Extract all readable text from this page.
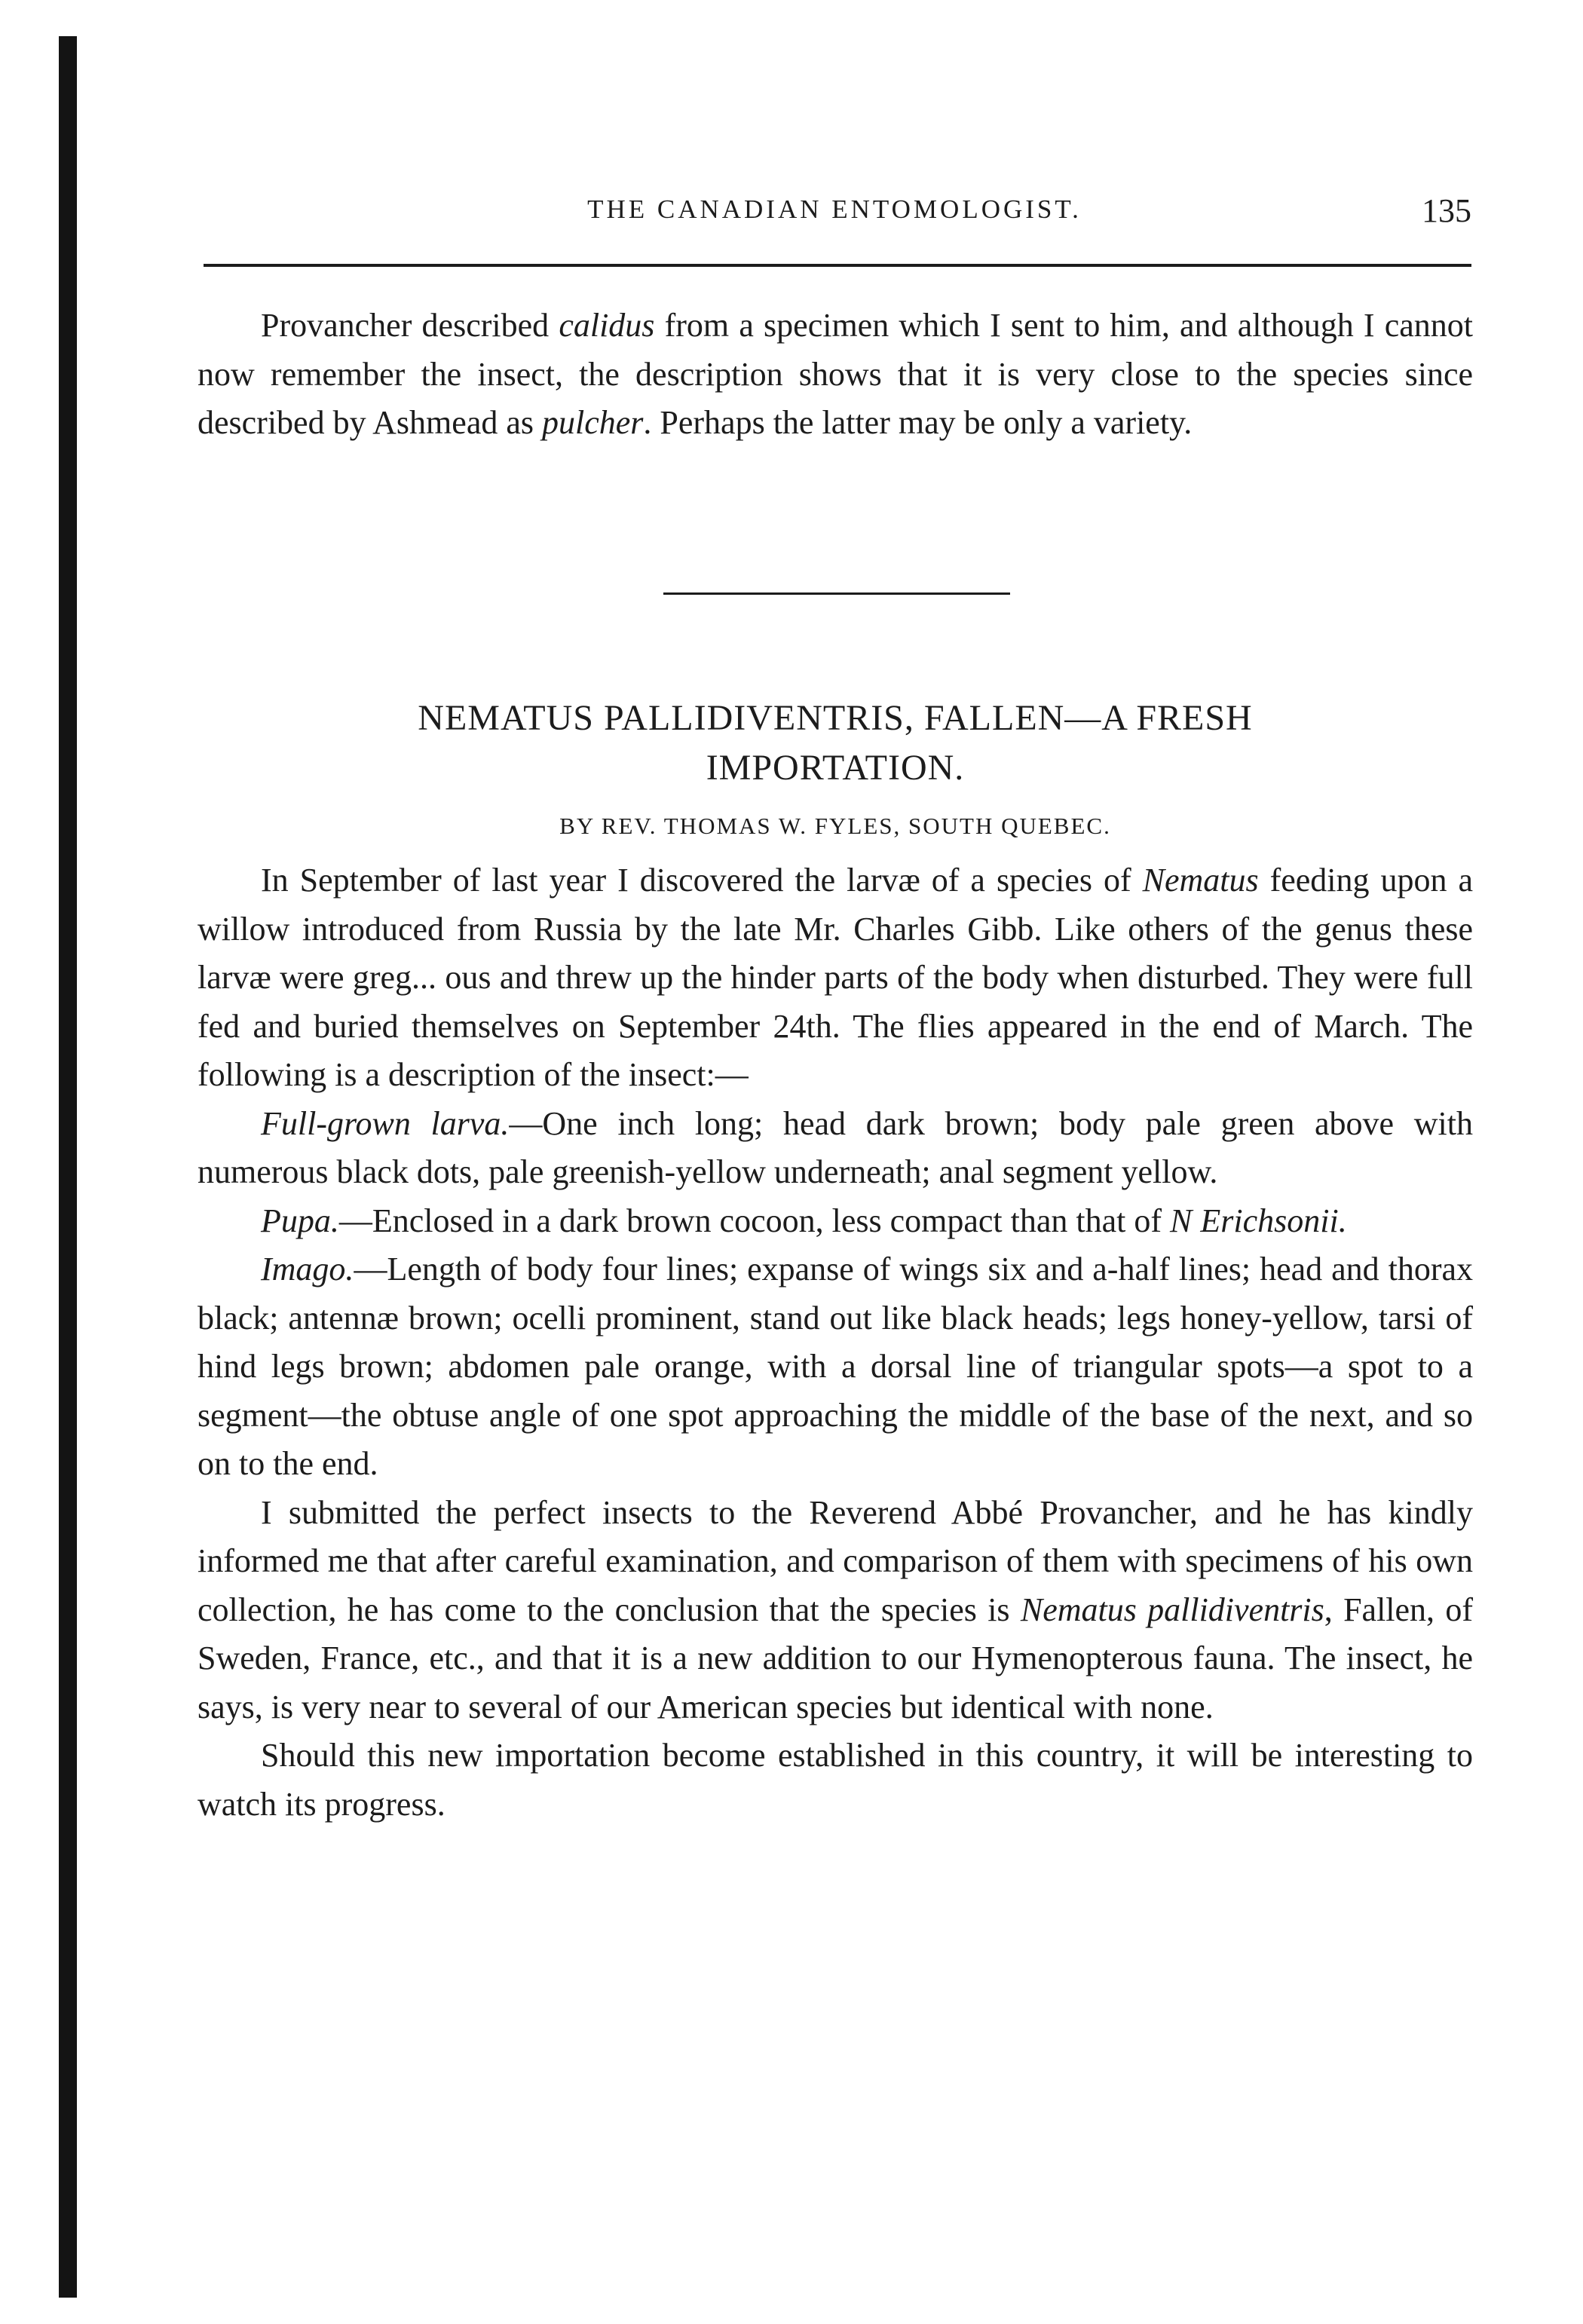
THE CANADIAN ENTOMOLOGIST.	135

Provancher described calidus from a specimen which I sent to him, and although I cannot now remember the insect, the description shows that it is very close to the species since described by Ashmead as pulcher. Perhaps the latter may be only a variety.

NEMATUS PALLIDIVENTRIS, FALLEN—A FRESH
IMPORTATION.
BY REV. THOMAS W. FYLES, SOUTH QUEBEC.

In September of last year I discovered the larvæ of a species of Nematus feeding upon a willow introduced from Russia by the late Mr. Charles Gibb. Like others of the genus these larvæ were greg... ous and threw up the hinder parts of the body when disturbed. They were full fed and buried themselves on September 24th. The flies appeared in the end of March. The following is a description of the insect:—

Full-grown larva.—One inch long; head dark brown; body pale green above with numerous black dots, pale greenish-yellow underneath; anal segment yellow.

Pupa.—Enclosed in a dark brown cocoon, less compact than that of N Erichsonii.

Imago.—Length of body four lines; expanse of wings six and a-half lines; head and thorax black; antennæ brown; ocelli prominent, stand out like black heads; legs honey-yellow, tarsi of hind legs brown; abdomen pale orange, with a dorsal line of triangular spots—a spot to a segment—the obtuse angle of one spot approaching the middle of the base of the next, and so on to the end.

I submitted the perfect insects to the Reverend Abbé Provancher, and he has kindly informed me that after careful examination, and comparison of them with specimens of his own collection, he has come to the conclusion that the species is Nematus pallidiventris, Fallen, of Sweden, France, etc., and that it is a new addition to our Hymenopterous fauna. The insect, he says, is very near to several of our American species but identical with none.

Should this new importation become established in this country, it will be interesting to watch its progress.
